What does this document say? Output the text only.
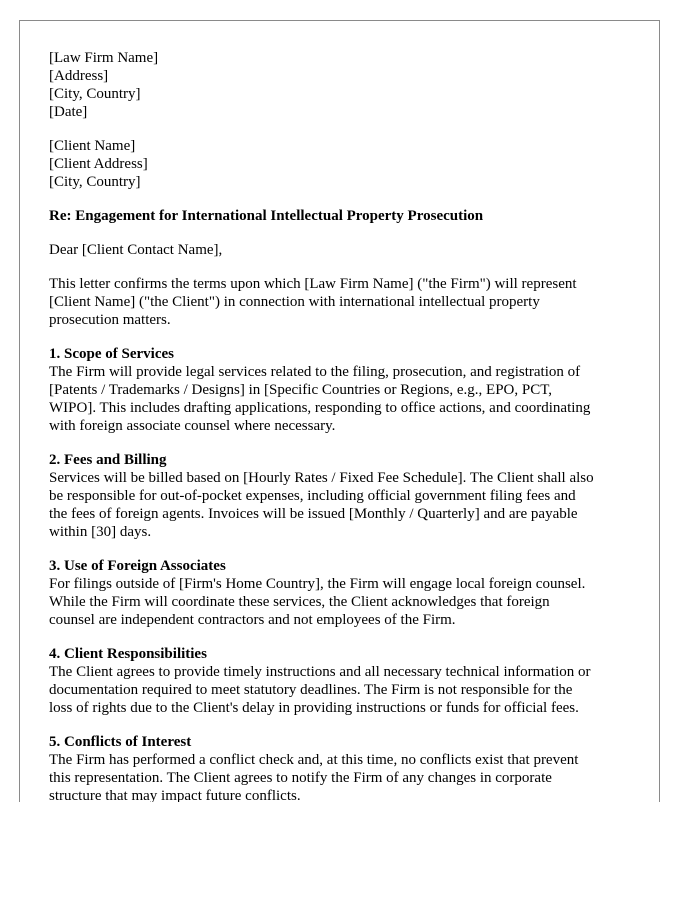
[Law Firm Name]
[Address]
[City, Country]
[Date]
[Client Name]
[Client Address]
[City, Country]
Re: Engagement for International Intellectual Property Prosecution
Dear [Client Contact Name],
This letter confirms the terms upon which [Law Firm Name] ("the Firm") will represent
[Client Name] ("the Client") in connection with international intellectual property
prosecution matters.
1. Scope of Services
The Firm will provide legal services related to the filing, prosecution, and registration of
[Patents / Trademarks / Designs] in [Specific Countries or Regions, e.g., EPO, PCT,
WIPO]. This includes drafting applications, responding to office actions, and coordinating
with foreign associate counsel where necessary.
2. Fees and Billing
Services will be billed based on [Hourly Rates / Fixed Fee Schedule]. The Client shall also
be responsible for out-of-pocket expenses, including official government filing fees and
the fees of foreign agents. Invoices will be issued [Monthly / Quarterly] and are payable
within [30] days.
3. Use of Foreign Associates
For filings outside of [Firm's Home Country], the Firm will engage local foreign counsel.
While the Firm will coordinate these services, the Client acknowledges that foreign
counsel are independent contractors and not employees of the Firm.
4. Client Responsibilities
The Client agrees to provide timely instructions and all necessary technical information or
documentation required to meet statutory deadlines. The Firm is not responsible for the
loss of rights due to the Client's delay in providing instructions or funds for official fees.
5. Conflicts of Interest
The Firm has performed a conflict check and, at this time, no conflicts exist that prevent
this representation. The Client agrees to notify the Firm of any changes in corporate
structure that may impact future conflicts.
